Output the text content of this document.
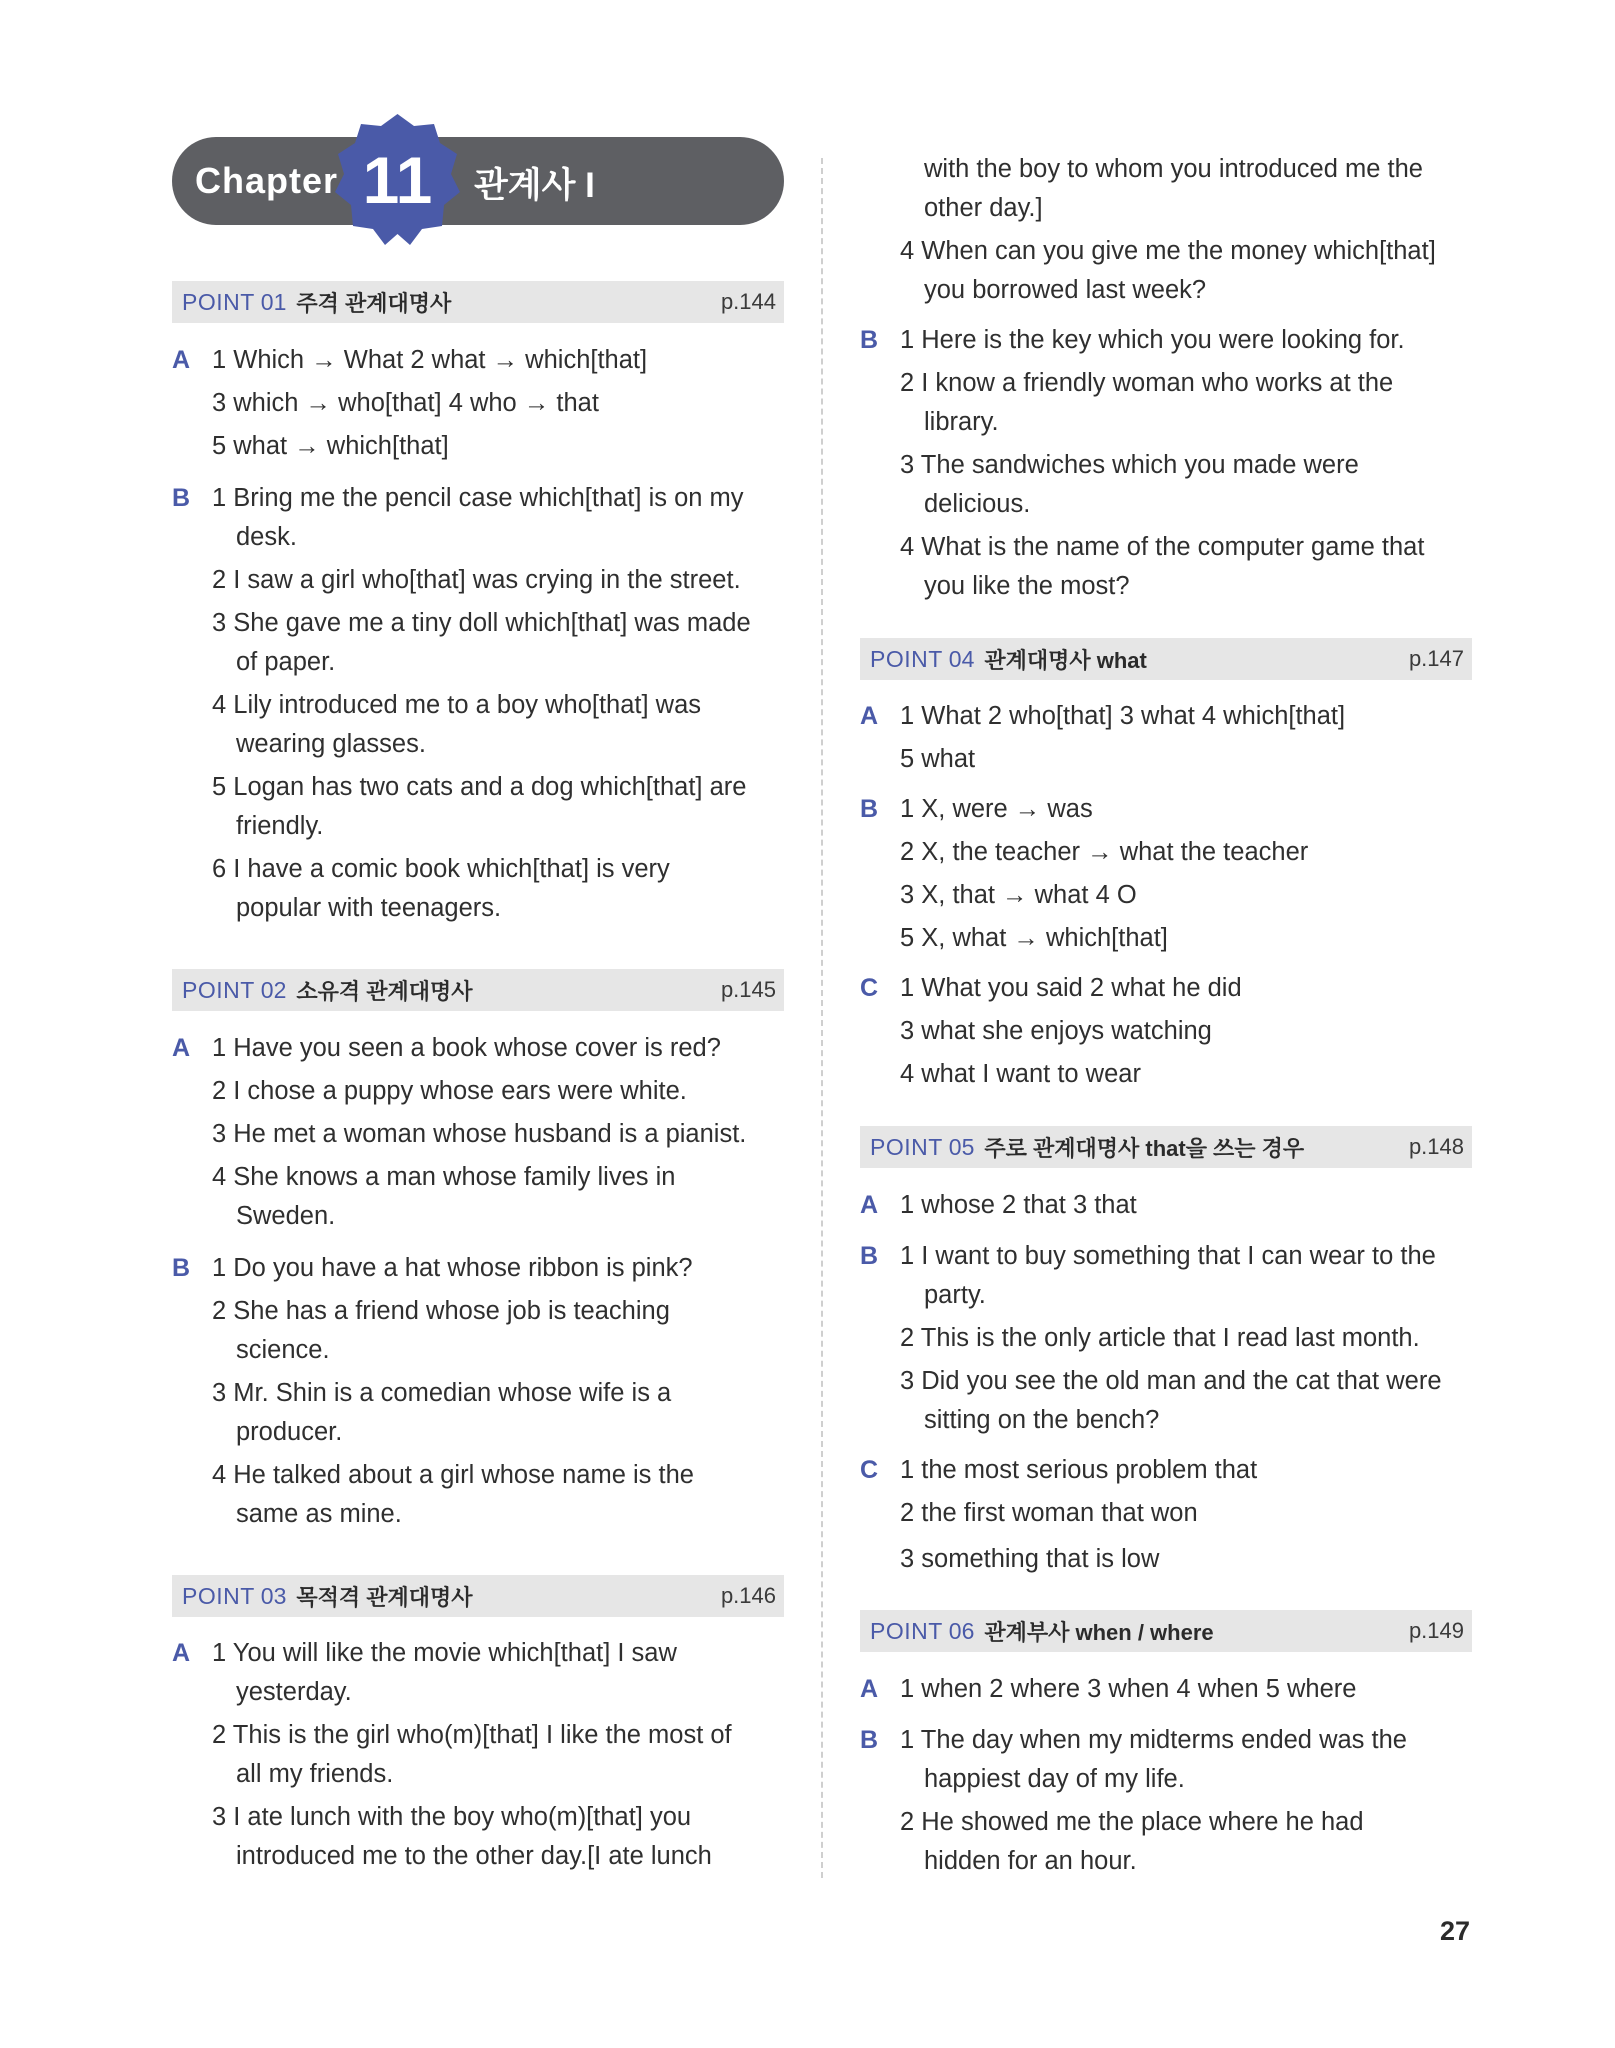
Chapter 11	관계사 I
POINT 01 주격 관계대명사	p.144
A 1 Which → What 2 what → which[that]
3 which → who[that] 4 who → that
5 what → which[that]
B 1 Bring me the pencil case which[that] is on my
desk.
2 I saw a girl who[that] was crying in the street.
3 She gave me a tiny doll which[that] was made
of paper.
4 Lily introduced me to a boy who[that] was
wearing glasses.
5 Logan has two cats and a dog which[that] are
friendly.
6 I have a comic book which[that] is very
popular with teenagers.
POINT 02 소유격 관계대명사	p.145
A 1 Have you seen a book whose cover is red?
2 I chose a puppy whose ears were white.
3 He met a woman whose husband is a pianist.
4 She knows a man whose family lives in
Sweden.
B 1 Do you have a hat whose ribbon is pink?
2 She has a friend whose job is teaching
science.
3 Mr. Shin is a comedian whose wife is a
producer.
4 He talked about a girl whose name is the
same as mine.
POINT 03 목적격 관계대명사	p.146
A 1 You will like the movie which[that] I saw
yesterday.
2 This is the girl who(m)[that] I like the most of
all my friends.
3 I ate lunch with the boy who(m)[that] you
introduced me to the other day.[I ate lunch
with the boy to whom you introduced me the
other day.]
4 When can you give me the money which[that]
you borrowed last week?
B 1 Here is the key which you were looking for.
2 I know a friendly woman who works at the
library.
3 The sandwiches which you made were
delicious.
4 What is the name of the computer game that
you like the most?
POINT 04 관계대명사 what	p.147
A 1 What 2 who[that] 3 what 4 which[that]
5 what
B 1 X, were → was
2 X, the teacher → what the teacher
3 X, that → what 4 O
5 X, what → which[that]
C 1 What you said 2 what he did
3 what she enjoys watching
4 what I want to wear
POINT 05 주로 관계대명사 that을 쓰는 경우	p.148
A 1 whose 2 that 3 that
B 1 I want to buy something that I can wear to the
party.
2 This is the only article that I read last month.
3 Did you see the old man and the cat that were
sitting on the bench?
C 1 the most serious problem that
2 the first woman that won
3 something that is low
POINT 06 관계부사 when / where	p.149
A 1 when 2 where 3 when 4 when 5 where
B 1 The day when my midterms ended was the
happiest day of my life.
2 He showed me the place where he had
hidden for an hour.
27
